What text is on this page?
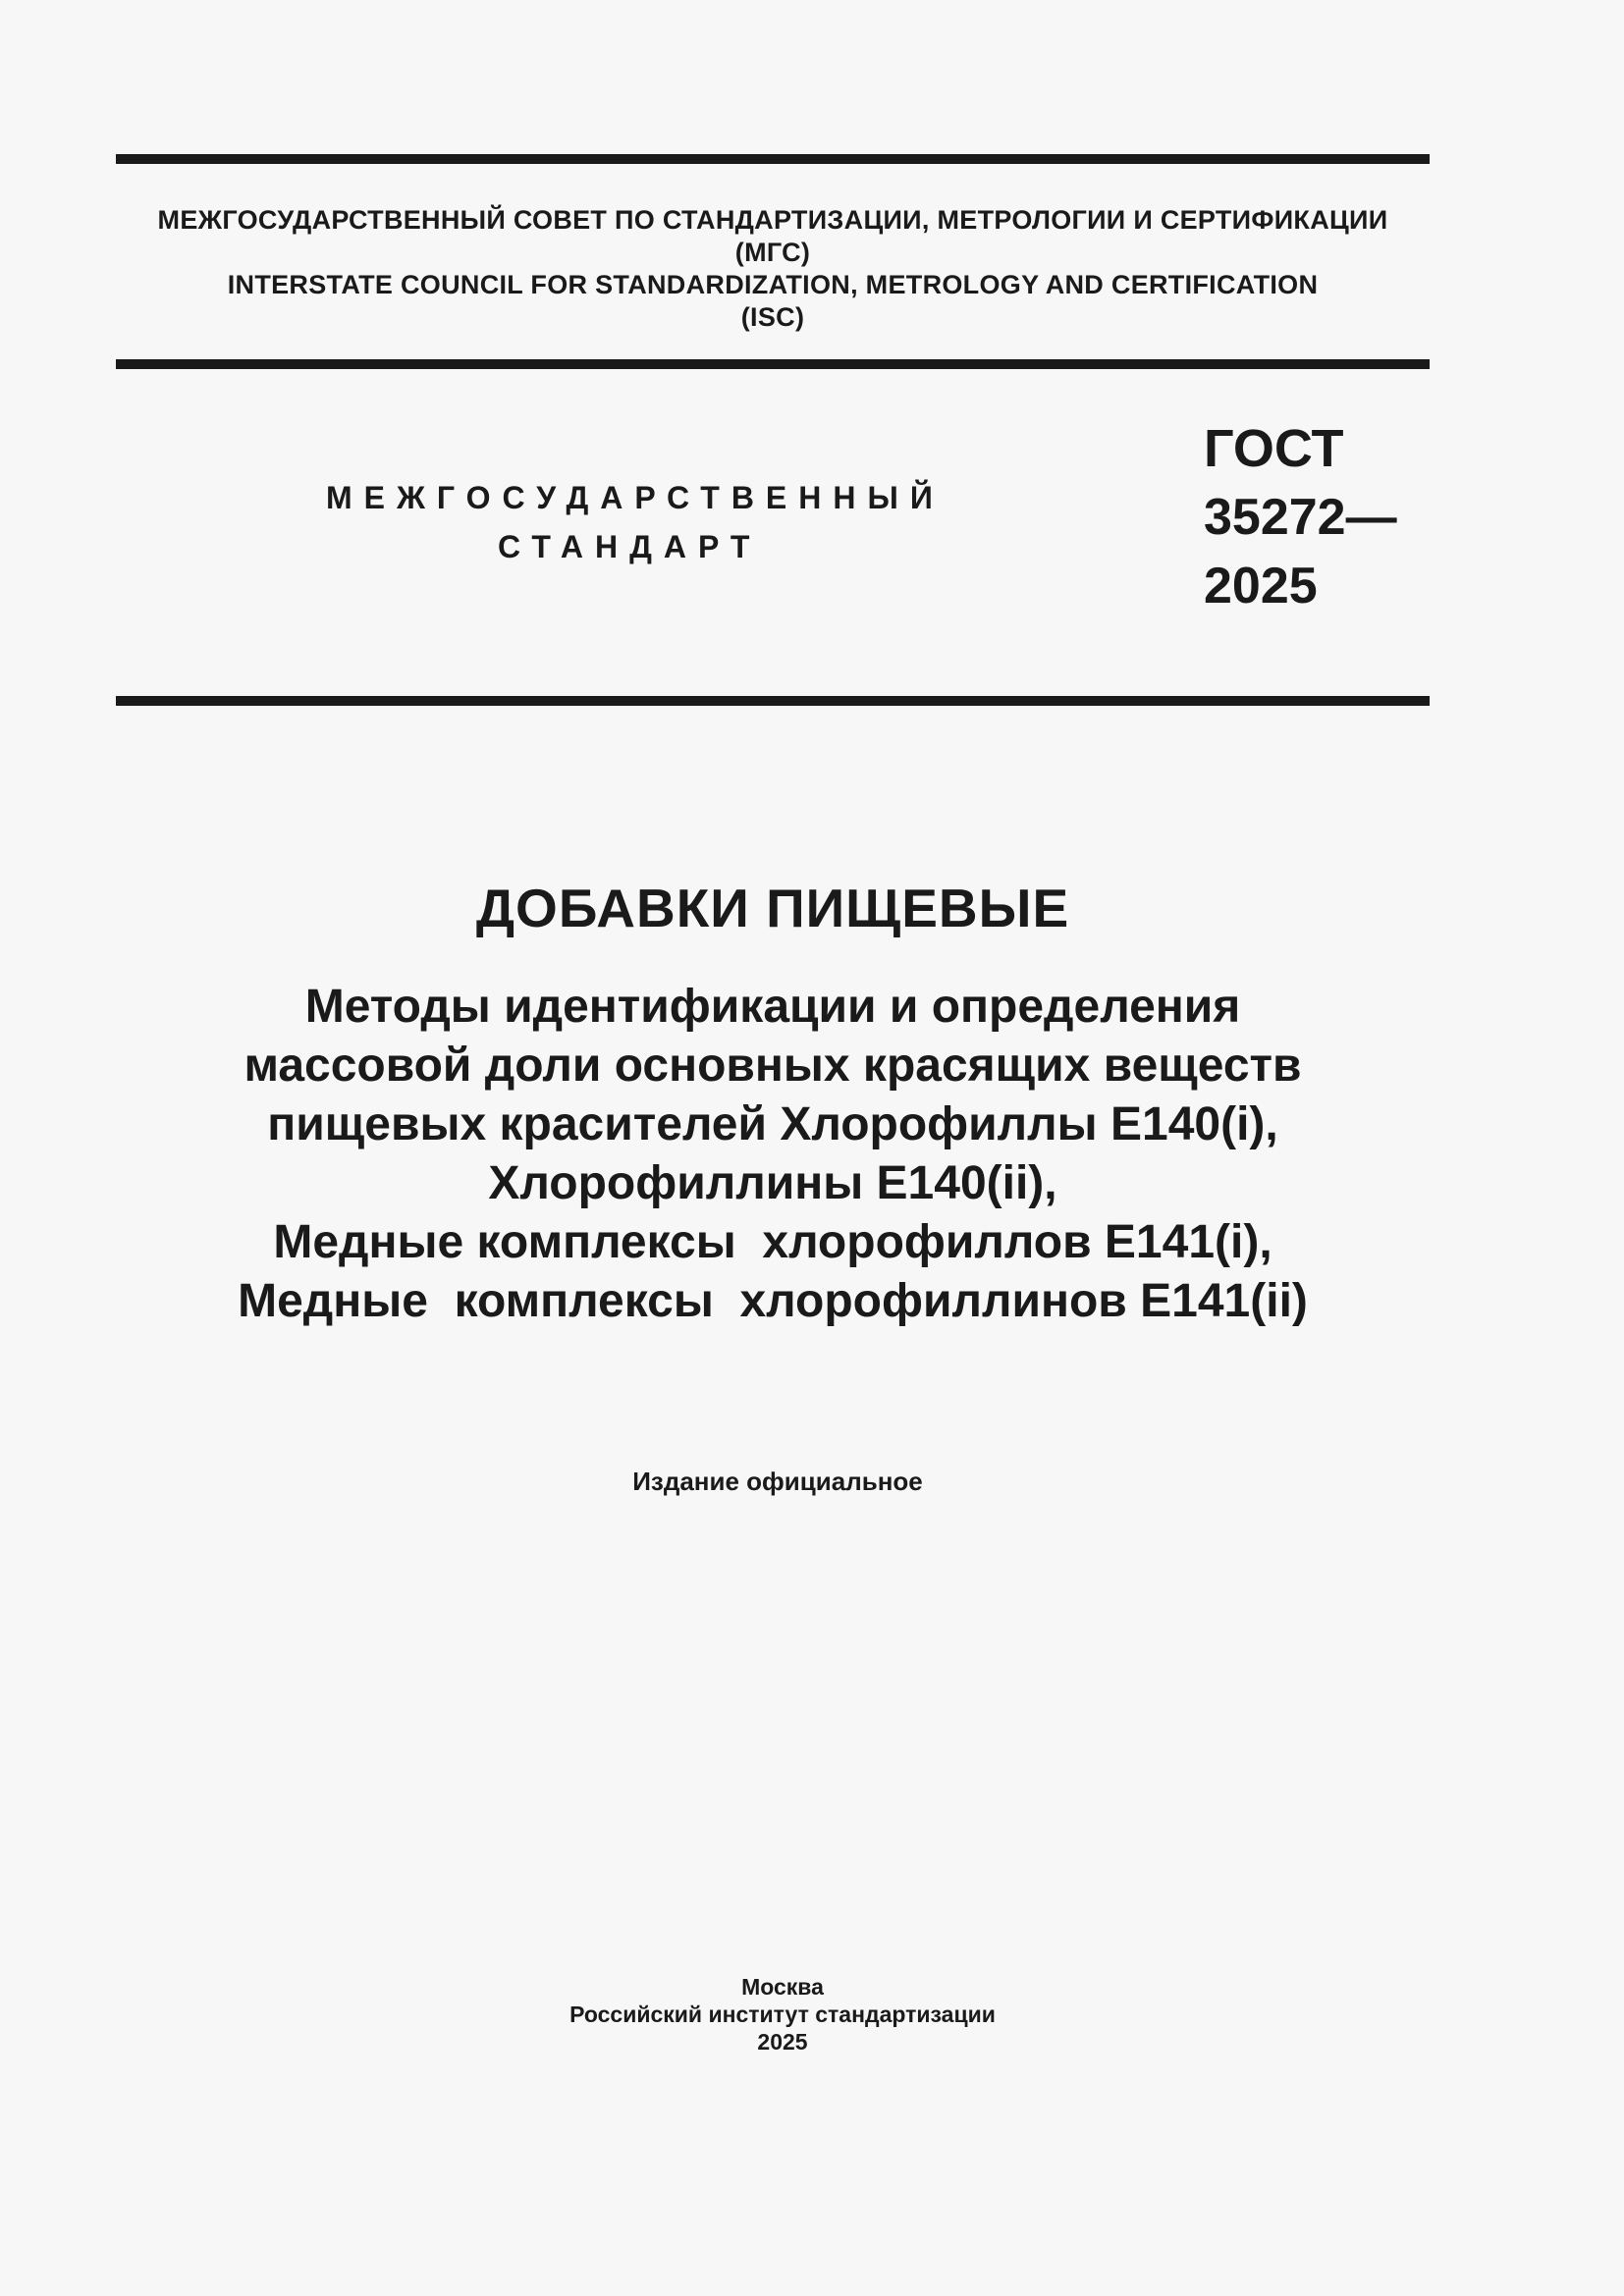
МЕЖГОСУДАРСТВЕННЫЙ СОВЕТ ПО СТАНДАРТИЗАЦИИ, МЕТРОЛОГИИ И СЕРТИФИКАЦИИ
(МГС)
INTERSTATE COUNCIL FOR STANDARDIZATION, METROLOGY AND CERTIFICATION
(ISC)
МЕЖГОСУДАРСТВЕННЫЙ
СТАНДАРТ
ГОСТ
35272—
2025
ДОБАВКИ ПИЩЕВЫЕ
Методы идентификации и определения
массовой доли основных красящих веществ
пищевых красителей Хлорофиллы Е140(i),
Хлорофиллины Е140(ii),
Медные комплексы  хлорофиллов Е141(i),
Медные  комплексы  хлорофиллинов Е141(ii)
Издание официальное
Москва
Российский институт стандартизации
2025
